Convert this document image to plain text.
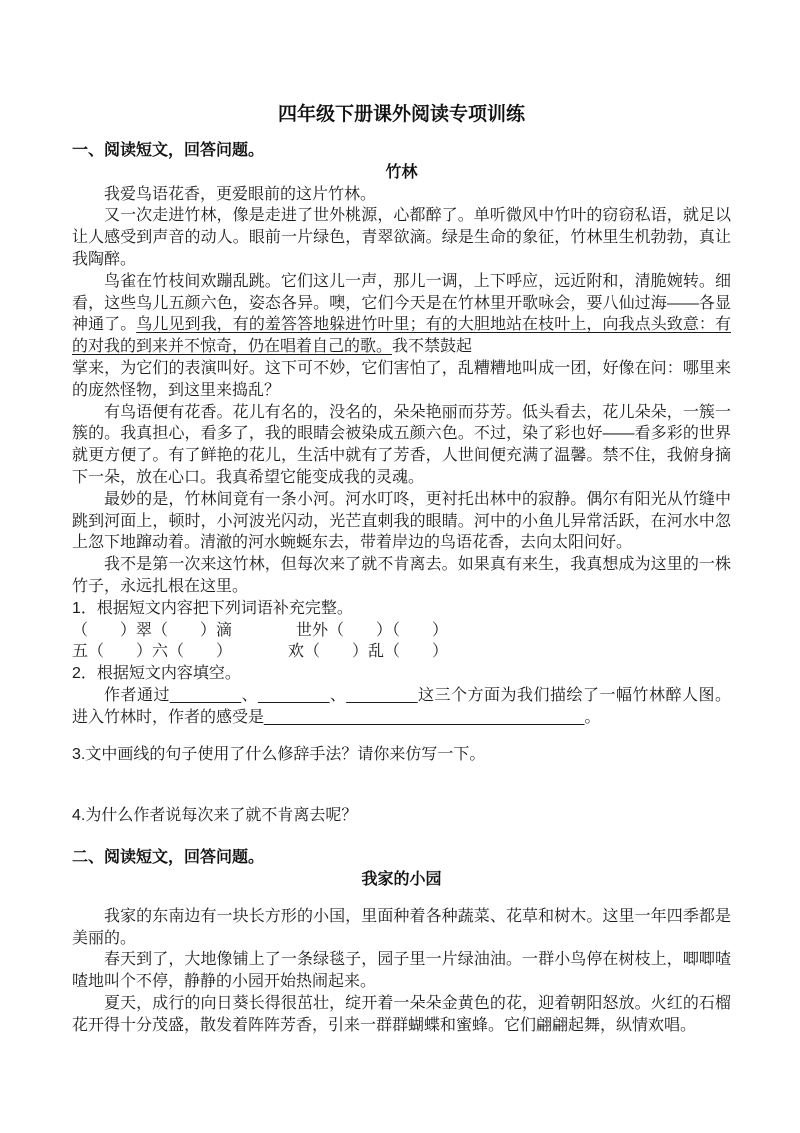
四年级下册课外阅读专项训练
一、阅读短文，回答问题。
竹林

我爱鸟语花香，更爱眼前的这片竹林。

又一次走进竹林，像是走进了世外桃源，心都醉了。单听微风中竹叶的窃窃私语，就足以让人感受到声音的动人。眼前一片绿色，青翠欲滴。绿是生命的象征，竹林里生机勃勃，真让我陶醉。

鸟雀在竹枝间欢蹦乱跳。它们这儿一声，那儿一调，上下呼应，远近附和，清脆婉转。细看，这些鸟儿五颜六色，姿态各异。噢，它们今天是在竹林里开歌咏会，要八仙过海——各显神通了。鸟儿见到我，有的羞答答地躲进竹叶里；有的大胆地站在枝叶上，向我点头致意：有的对我的到来并不惊奇，仍在唱着自己的歌。我不禁鼓起

掌来，为它们的表演叫好。这下可不妙，它们害怕了，乱糟糟地叫成一团，好像在问：哪里来的庞然怪物，到这里来捣乱？

有鸟语便有花香。花儿有名的，没名的，朵朵艳丽而芬芳。低头看去，花儿朵朵，一簇一簇的。我真担心，看多了，我的眼睛会被染成五颜六色。不过，染了彩也好——看多彩的世界就更方便了。有了鲜艳的花儿，生活中就有了芳香，人世间便充满了温馨。禁不住，我俯身摘下一朵，放在心口。我真希望它能变成我的灵魂。

最妙的是，竹林间竟有一条小河。河水叮咚，更衬托出林中的寂静。偶尔有阳光从竹缝中跳到河面上，顿时，小河波光闪动，光芒直刺我的眼睛。河中的小鱼儿异常活跃，在河水中忽上忽下地蹿动着。清澈的河水蜿蜒东去，带着岸边的鸟语花香，去向太阳问好。

我不是第一次来这竹林，但每次来了就不肯离去。如果真有来生，我真想成为这里的一株竹子，永远扎根在这里。

1．根据短文内容把下列词语补充完整。

（　　）翠（　　）滴　　　　世外（　　）（　　）

五（　　）六（　　）　　　　欢（　　）乱（　　）

2．根据短文内容填空。

作者通过________、________、________这三个方面为我们描绘了一幅竹林醉人图。进入竹林时，作者的感受是____________________________________。

3.文中画线的句子使用了什么修辞手法？请你来仿写一下。

4.为什么作者说每次来了就不肯离去呢？

二、阅读短文，回答问题。
我家的小园

我家的东南边有一块长方形的小国，里面种着各种蔬菜、花草和树木。这里一年四季都是美丽的。

春天到了，大地像铺上了一条绿毯子，园子里一片绿油油。一群小鸟停在树枝上，唧唧喳喳地叫个不停，静静的小园开始热闹起来。

夏天，成行的向日葵长得很茁壮，绽开着一朵朵金黄色的花，迎着朝阳怒放。火红的石榴花开得十分茂盛，散发着阵阵芳香，引来一群群蝴蝶和蜜蜂。它们翩翩起舞，纵情欢唱。
